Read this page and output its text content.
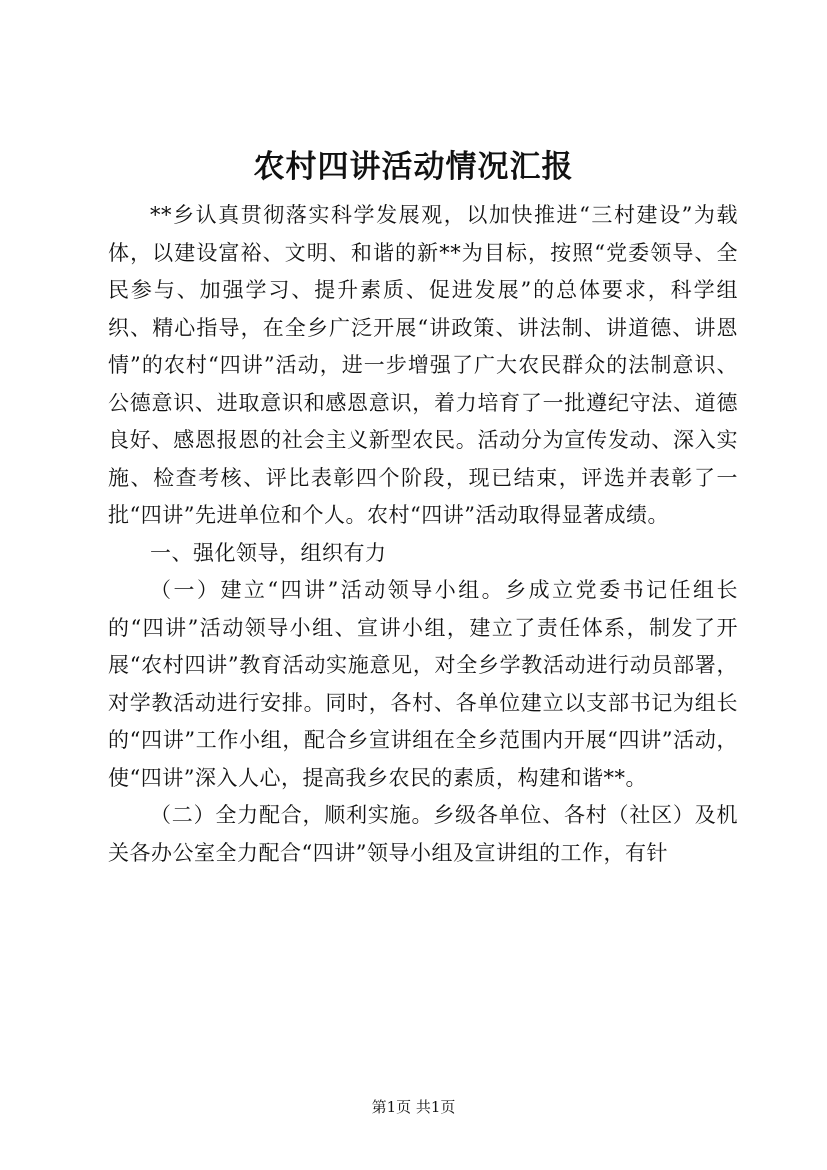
农村四讲活动情况汇报

**乡认真贯彻落实科学发展观，以加快推进“三村建设”为载体，以建设富裕、文明、和谐的新**为目标，按照“党委领导、全民参与、加强学习、提升素质、促进发展”的总体要求，科学组织、精心指导，在全乡广泛开展“讲政策、讲法制、讲道德、讲恩情”的农村“四讲”活动，进一步增强了广大农民群众的法制意识、公德意识、进取意识和感恩意识，着力培育了一批遵纪守法、道德良好、感恩报恩的社会主义新型农民。活动分为宣传发动、深入实施、检查考核、评比表彰四个阶段，现已结束，评选并表彰了一批“四讲”先进单位和个人。农村“四讲”活动取得显著成绩。

一、强化领导，组织有力

（一）建立“四讲”活动领导小组。乡成立党委书记任组长的“四讲”活动领导小组、宣讲小组，建立了责任体系，制发了开展“农村四讲”教育活动实施意见，对全乡学教活动进行动员部署，对学教活动进行安排。同时，各村、各单位建立以支部书记为组长的“四讲”工作小组，配合乡宣讲组在全乡范围内开展“四讲”活动，使“四讲”深入人心，提高我乡农民的素质，构建和谐**。

（二）全力配合，顺利实施。乡级各单位、各村（社区）及机关各办公室全力配合“四讲”领导小组及宣讲组的工作，有针

第1页 共1页
